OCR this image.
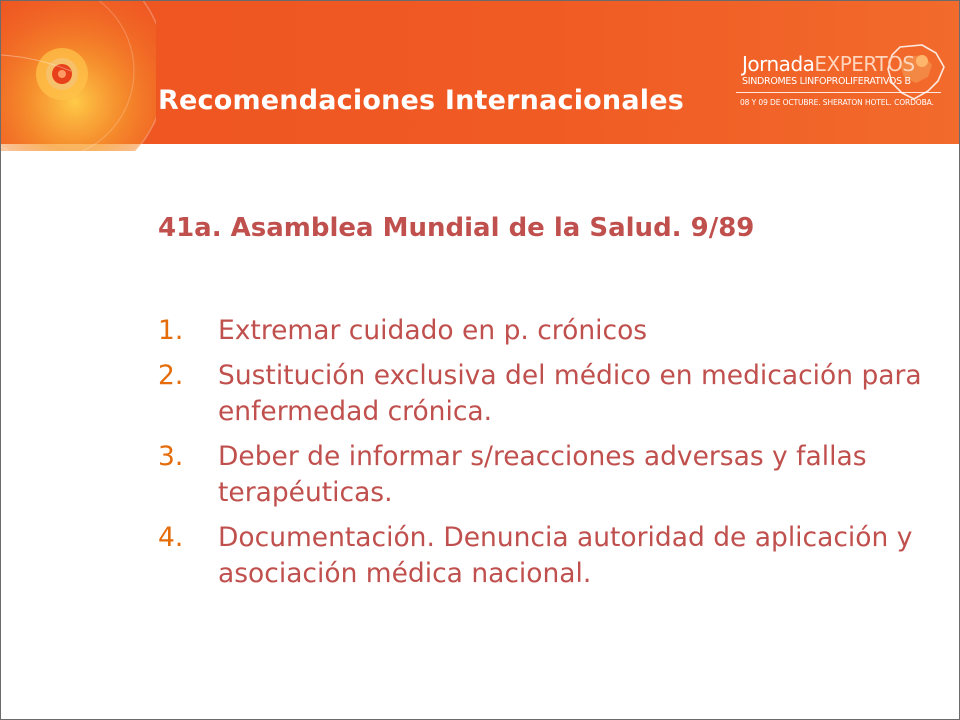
Recomendaciones Internacionales
JornadaEXPERTOS
SINDROMES LINFOPROLIFERATIVOS B
08 Y 09 DE OCTUBRE. SHERATON HOTEL. CORDOBA.
41a. Asamblea Mundial de la Salud. 9/89
1. Extremar cuidado en p. crónicos
2. Sustitución exclusiva del médico en medicación para enfermedad crónica.
3. Deber de informar s/reacciones adversas y fallas terapéuticas.
4. Documentación. Denuncia autoridad de aplicación y asociación médica nacional.
